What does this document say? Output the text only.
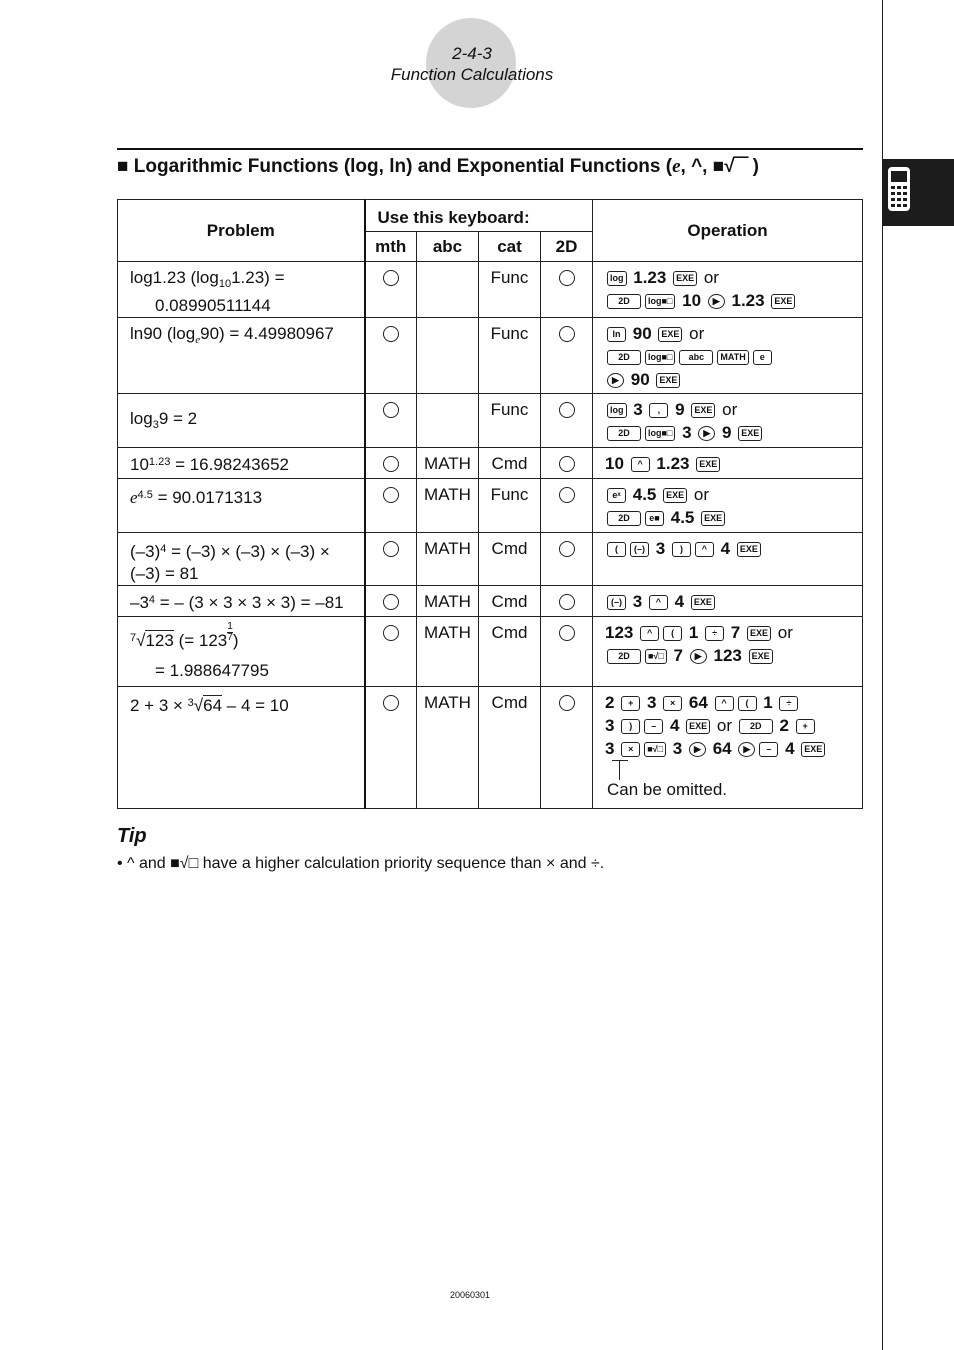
2-4-3
Function Calculations
■ Logarithmic Functions (log, ln) and Exponential Functions (e, ^, ■√‾‾ )
Problem	Use this keyboard:				Operation
	mth	abc	cat	2D	
log1.23 $(\log_{10}1.23)$ =
0.08990511144			Func		log 1.23 EXE or
2D log■□ 10 ▶ 1.23 EXE
ln90 $(\log_e90) = 4.49980967$			Func		ln 90 EXE or
2D log■□ abc MATH e
▶ 90 EXE
$\log_39 = 2$			Func		log 3 , 9 EXE or
2D log■□ 3 ▶ 9 EXE
$10^{1.23} = 16.98243652$		MATH	Cmd		10 ^ 1.23 EXE
$e^{4.5} = 90.0171313$		MATH	Func		eˣ 4.5 EXE or
2D e■ 4.5 EXE
$(-3)^4 = (-3) \times (-3) \times (-3)$ ×
(–3) = 81		MATH	Cmd		( (–) 3 ) ^ 4 EXE
$-3^4$ = – (3 × 3 × 3 × 3) = –81		MATH	Cmd		(–) 3 ^ 4 EXE
$^7$√123 (= $123 \frac{1}{7}$ )
= 1.988647795		MATH	Cmd		123 ^ ( 1 ÷ 7 EXE or
2D ■√□ 7 ▶ 123 EXE
2 + 3 × $^3$√64 – 4 = 10		MATH	Cmd		2 + 3 × 64 ^ ( 1 ÷
3 ) – 4 EXE or 2D 2 +
3 × ■√□ 3 ▶ 64 ▶ – 4 EXE
Can be omitted.
Tip
• ^ and ■√□ have a higher calculation priority sequence than × and ÷.
20060301
